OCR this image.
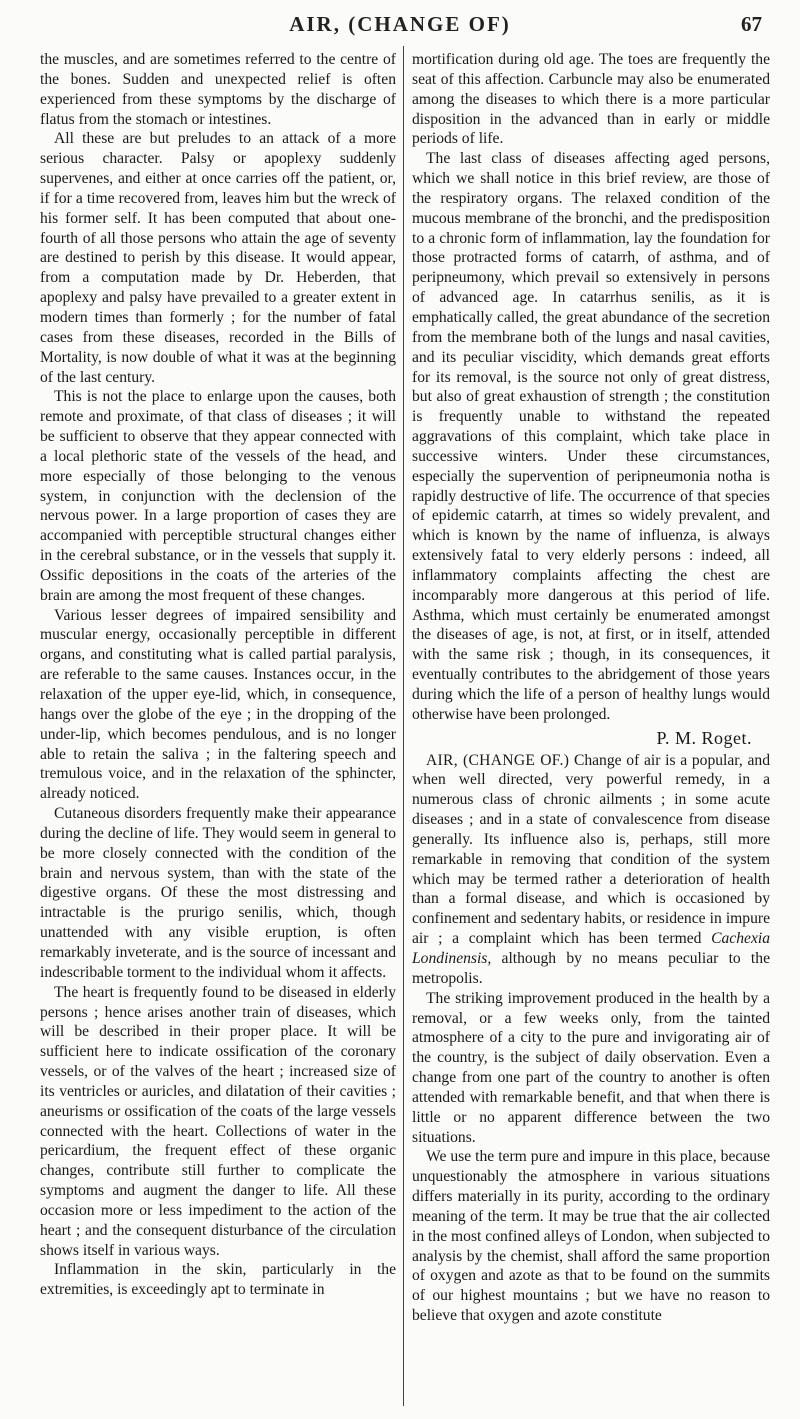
AIR, (CHANGE OF)	67

the muscles, and are sometimes referred to the centre of the bones. Sudden and unexpected relief is often experienced from these symptoms by the discharge of flatus from the stomach or intestines.

All these are but preludes to an attack of a more serious character. Palsy or apoplexy suddenly supervenes, and either at once carries off the patient, or, if for a time recovered from, leaves him but the wreck of his former self. It has been computed that about one-fourth of all those persons who attain the age of seventy are destined to perish by this disease. It would appear, from a computation made by Dr. Heberden, that apoplexy and palsy have prevailed to a greater extent in modern times than formerly ; for the number of fatal cases from these diseases, recorded in the Bills of Mortality, is now double of what it was at the beginning of the last century.

This is not the place to enlarge upon the causes, both remote and proximate, of that class of diseases ; it will be sufficient to observe that they appear connected with a local plethoric state of the vessels of the head, and more especially of those belonging to the venous system, in conjunction with the declension of the nervous power. In a large proportion of cases they are accompanied with perceptible structural changes either in the cerebral substance, or in the vessels that supply it. Ossific depositions in the coats of the arteries of the brain are among the most frequent of these changes.

Various lesser degrees of impaired sensibility and muscular energy, occasionally perceptible in different organs, and constituting what is called partial paralysis, are referable to the same causes. Instances occur, in the relaxation of the upper eye-lid, which, in consequence, hangs over the globe of the eye ; in the dropping of the under-lip, which becomes pendulous, and is no longer able to retain the saliva ; in the faltering speech and tremulous voice, and in the relaxation of the sphincter, already noticed.

Cutaneous disorders frequently make their appearance during the decline of life. They would seem in general to be more closely connected with the condition of the brain and nervous system, than with the state of the digestive organs. Of these the most distressing and intractable is the prurigo senilis, which, though unattended with any visible eruption, is often remarkably inveterate, and is the source of incessant and indescribable torment to the individual whom it affects.

The heart is frequently found to be diseased in elderly persons ; hence arises another train of diseases, which will be described in their proper place. It will be sufficient here to indicate ossification of the coronary vessels, or of the valves of the heart ; increased size of its ventricles or auricles, and dilatation of their cavities ; aneurisms or ossification of the coats of the large vessels connected with the heart. Collections of water in the pericardium, the frequent effect of these organic changes, contribute still further to complicate the symptoms and augment the danger to life. All these occasion more or less impediment to the action of the heart ; and the consequent disturbance of the circulation shows itself in various ways.

Inflammation in the skin, particularly in the extremities, is exceedingly apt to terminate in

mortification during old age. The toes are frequently the seat of this affection. Carbuncle may also be enumerated among the diseases to which there is a more particular disposition in the advanced than in early or middle periods of life.

The last class of diseases affecting aged persons, which we shall notice in this brief review, are those of the respiratory organs. The relaxed condition of the mucous membrane of the bronchi, and the predisposition to a chronic form of inflammation, lay the foundation for those protracted forms of catarrh, of asthma, and of peripneumony, which prevail so extensively in persons of advanced age. In catarrhus senilis, as it is emphatically called, the great abundance of the secretion from the membrane both of the lungs and nasal cavities, and its peculiar viscidity, which demands great efforts for its removal, is the source not only of great distress, but also of great exhaustion of strength ; the constitution is frequently unable to withstand the repeated aggravations of this complaint, which take place in successive winters. Under these circumstances, especially the supervention of peripneumonia notha is rapidly destructive of life. The occurrence of that species of epidemic catarrh, at times so widely prevalent, and which is known by the name of influenza, is always extensively fatal to very elderly persons : indeed, all inflammatory complaints affecting the chest are incomparably more dangerous at this period of life. Asthma, which must certainly be enumerated amongst the diseases of age, is not, at first, or in itself, attended with the same risk ; though, in its consequences, it eventually contributes to the abridgement of those years during which the life of a person of healthy lungs would otherwise have been prolonged.

P. M. Roget.

AIR, (CHANGE OF.) Change of air is a popular, and when well directed, very powerful remedy, in a numerous class of chronic ailments ; in some acute diseases ; and in a state of convalescence from disease generally. Its influence also is, perhaps, still more remarkable in removing that condition of the system which may be termed rather a deterioration of health than a formal disease, and which is occasioned by confinement and sedentary habits, or residence in impure air ; a complaint which has been termed Cachexia Londinensis, although by no means peculiar to the metropolis.

The striking improvement produced in the health by a removal, or a few weeks only, from the tainted atmosphere of a city to the pure and invigorating air of the country, is the subject of daily observation. Even a change from one part of the country to another is often attended with remarkable benefit, and that when there is little or no apparent difference between the two situations.

We use the term pure and impure in this place, because unquestionably the atmosphere in various situations differs materially in its purity, according to the ordinary meaning of the term. It may be true that the air collected in the most confined alleys of London, when subjected to analysis by the chemist, shall afford the same proportion of oxygen and azote as that to be found on the summits of our highest mountains ; but we have no reason to believe that oxygen and azote constitute
